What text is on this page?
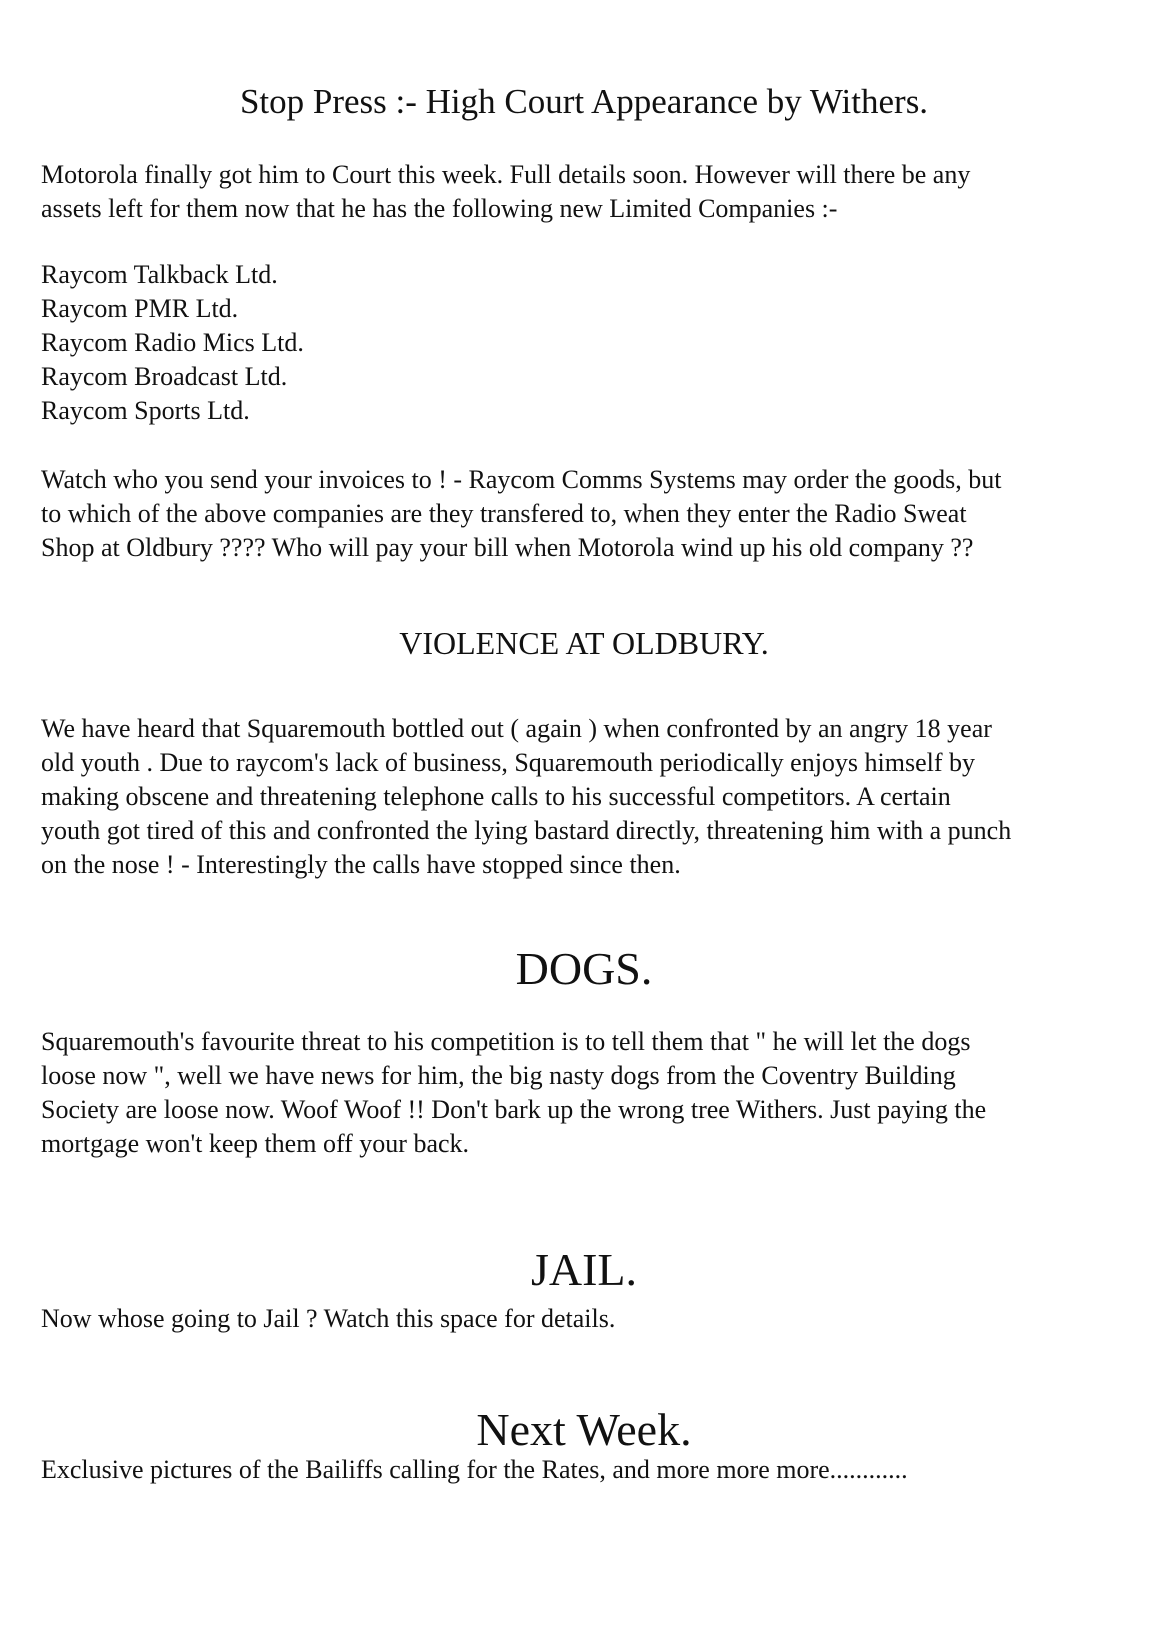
Stop Press :- High Court Appearance by Withers.

Motorola finally got him to Court this week. Full details soon. However will there be any
assets left for them now that he has the following new Limited Companies :-

Raycom Talkback Ltd.
Raycom PMR Ltd.
Raycom Radio Mics Ltd.
Raycom Broadcast Ltd.
Raycom Sports Ltd.

Watch who you send your invoices to ! - Raycom Comms Systems may order the goods, but
to which of the above companies are they transfered to, when they enter the Radio Sweat
Shop at Oldbury ???? Who will pay your bill when Motorola wind up his old company ??

VIOLENCE AT OLDBURY.

We have heard that Squaremouth bottled out ( again ) when confronted by an angry 18 year
old youth . Due to raycom's lack of business, Squaremouth periodically enjoys himself by
making obscene and threatening telephone calls to his successful competitors. A certain
youth got tired of this and confronted the lying bastard directly, threatening him with a punch
on the nose ! - Interestingly the calls have stopped since then.

DOGS.

Squaremouth's favourite threat to his competition is to tell them that " he will let the dogs
loose now ", well we have news for him, the big nasty dogs from the Coventry Building
Society are loose now. Woof Woof !! Don't bark up the wrong tree Withers. Just paying the
mortgage won't keep them off your back.

JAIL.

Now whose going to Jail ? Watch this space for details.

Next Week.

Exclusive pictures of the Bailiffs calling for the Rates, and more more more............
